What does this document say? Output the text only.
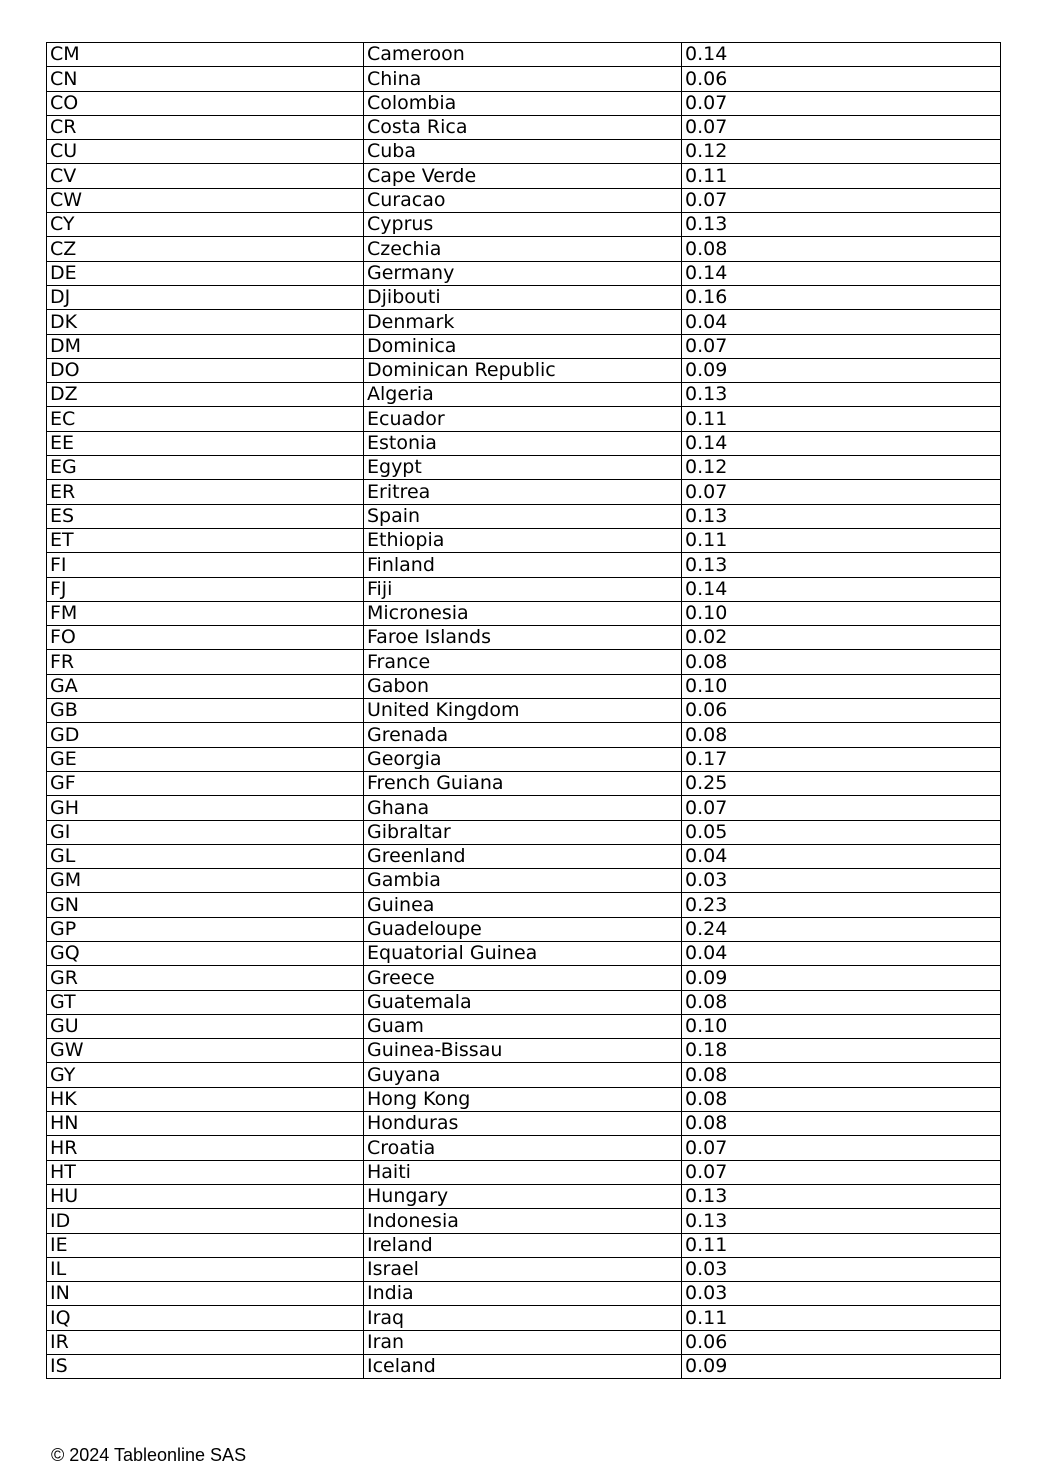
CM	Cameroon	0.14
CN	China	0.06
CO	Colombia	0.07
CR	Costa Rica	0.07
CU	Cuba	0.12
CV	Cape Verde	0.11
CW	Curacao	0.07
CY	Cyprus	0.13
CZ	Czechia	0.08
DE	Germany	0.14
DJ	Djibouti	0.16
DK	Denmark	0.04
DM	Dominica	0.07
DO	Dominican Republic	0.09
DZ	Algeria	0.13
EC	Ecuador	0.11
EE	Estonia	0.14
EG	Egypt	0.12
ER	Eritrea	0.07
ES	Spain	0.13
ET	Ethiopia	0.11
FI	Finland	0.13
FJ	Fiji	0.14
FM	Micronesia	0.10
FO	Faroe Islands	0.02
FR	France	0.08
GA	Gabon	0.10
GB	United Kingdom	0.06
GD	Grenada	0.08
GE	Georgia	0.17
GF	French Guiana	0.25
GH	Ghana	0.07
GI	Gibraltar	0.05
GL	Greenland	0.04
GM	Gambia	0.03
GN	Guinea	0.23
GP	Guadeloupe	0.24
GQ	Equatorial Guinea	0.04
GR	Greece	0.09
GT	Guatemala	0.08
GU	Guam	0.10
GW	Guinea-Bissau	0.18
GY	Guyana	0.08
HK	Hong Kong	0.08
HN	Honduras	0.08
HR	Croatia	0.07
HT	Haiti	0.07
HU	Hungary	0.13
ID	Indonesia	0.13
IE	Ireland	0.11
IL	Israel	0.03
IN	India	0.03
IQ	Iraq	0.11
IR	Iran	0.06
IS	Iceland	0.09
© 2024 Tableonline SAS
